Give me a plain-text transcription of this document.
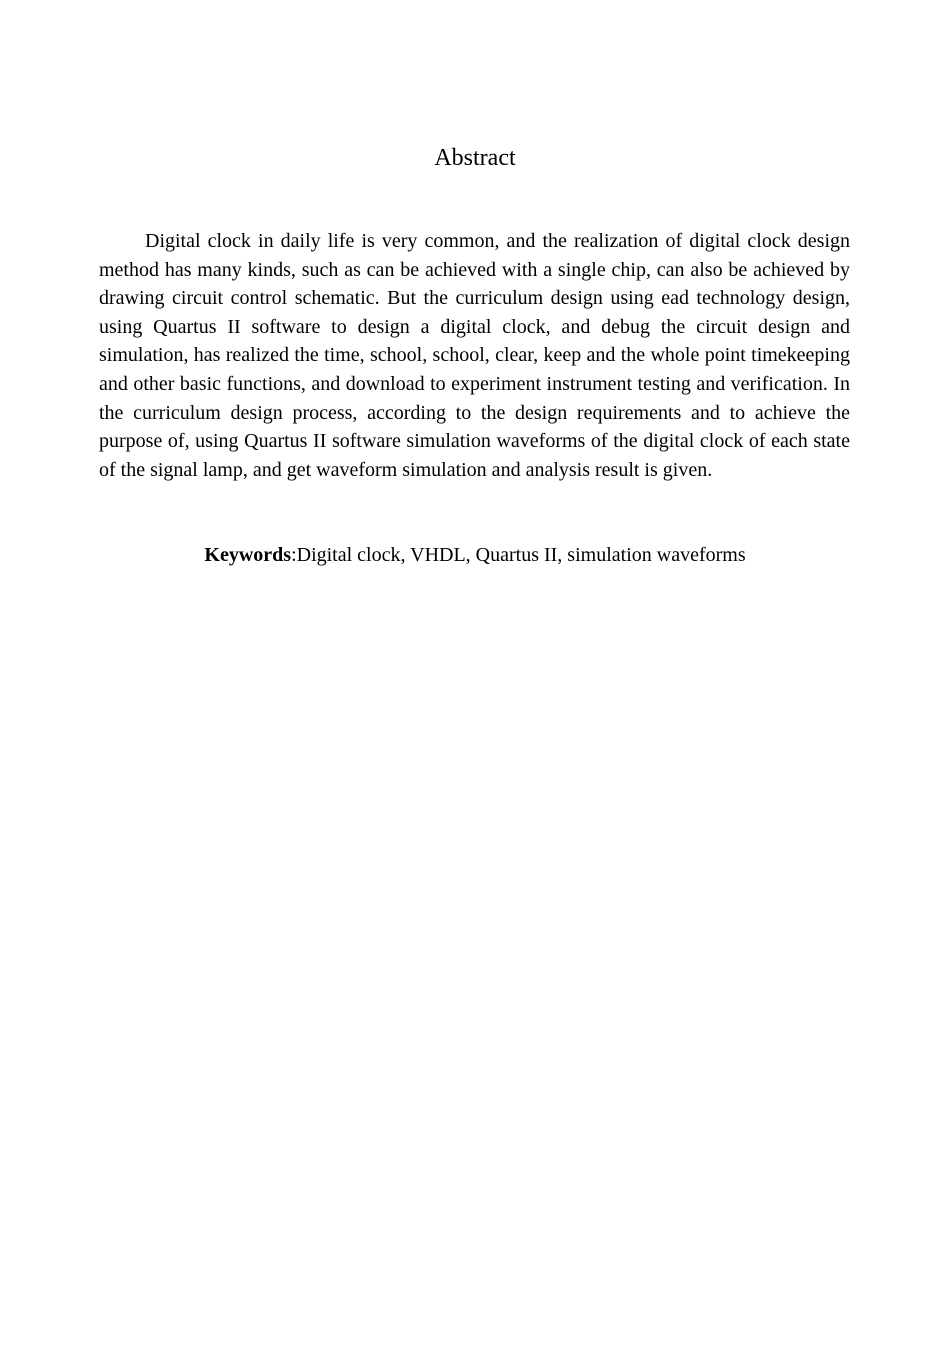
Abstract

Digital clock in daily life is very common, and the realization of digital clock design method has many kinds, such as can be achieved with a single chip, can also be achieved by drawing circuit control schematic. But the curriculum design using ead technology design, using Quartus II software to design a digital clock, and debug the circuit design and simulation, has realized the time, school, school, clear, keep and the whole point timekeeping and other basic functions, and download to experiment instrument testing and verification. In the curriculum design process, according to the design requirements and to achieve the purpose of, using Quartus II software simulation waveforms of the digital clock of each state of the signal lamp, and get waveform simulation and analysis result is given.

Keywords:Digital clock, VHDL, Quartus II, simulation waveforms
